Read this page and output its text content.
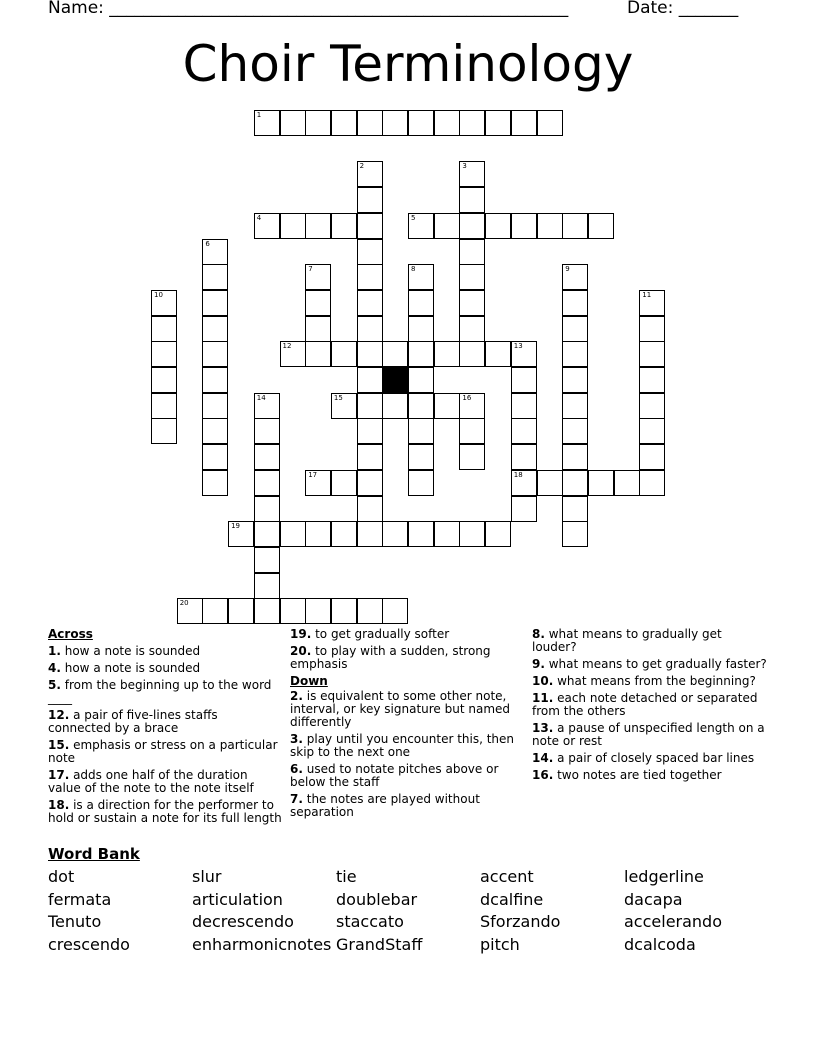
Name: ______________________________________________________	Date: _______
Choir Terminology
1
2	3
4	5
6
7	8	9
10	11
12	13
14	15	16
17	18
19
20
Across
1. how a note is sounded
4. how a note is sounded
5. from the beginning up to the word ____
12. a pair of five-lines staffs connected by a brace
15. emphasis or stress on a particular note
17. adds one half of the duration value of the note to the note itself
18. is a direction for the performer to hold or sustain a note for its full length
19. to get gradually softer
20. to play with a sudden, strong emphasis
Down
2. is equivalent to some other note, interval, or key signature but named differently
3. play until you encounter this, then skip to the next one
6. used to notate pitches above or below the staff
7. the notes are played without separation
8. what means to gradually get louder?
9. what means to get gradually faster?
10. what means from the beginning?
11. each note detached or separated from the others
13. a pause of unspecified length on a note or rest
14. a pair of closely spaced bar lines
16. two notes are tied together
Word Bank
dot	slur	tie	accent	ledgerline
fermata	articulation	doublebar	dcalfine	dacapa
Tenuto	decrescendo	staccato	Sforzando	accelerando
crescendo	enharmonicnotes GrandStaff	pitch	dcalcoda
